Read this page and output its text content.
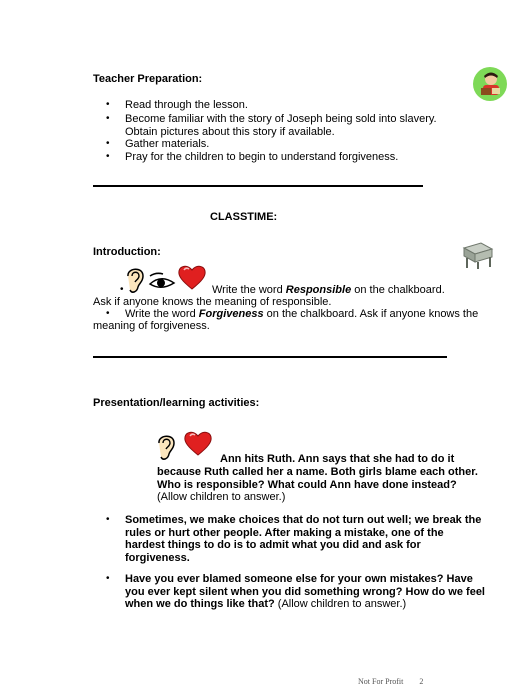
Teacher Preparation:
• Read through the lesson.
• Become familiar with the story of Joseph being sold into slavery.
Obtain pictures about this story if available.
• Gather materials.
• Pray for the children to begin to understand forgiveness.
CLASSTIME:
Introduction:
•	Write the word Responsible on the chalkboard.
Ask if anyone knows the meaning of responsible.
• Write the word Forgiveness on the chalkboard. Ask if anyone knows the
meaning of forgiveness.
Presentation/learning activities:
Ann hits Ruth. Ann says that she had to do it
because Ruth called her a name. Both girls blame each other.
Who is responsible? What could Ann have done instead?
(Allow children to answer.)
• Sometimes, we make choices that do not turn out well; we break the
rules or hurt other people. After making a mistake, one of the
hardest things to do is to admit what you did and ask for
forgiveness.
• Have you ever blamed someone else for your own mistakes? Have
you ever kept silent when you did something wrong? How do we feel
when we do things like that? (Allow children to answer.)
Not For Profit 2
